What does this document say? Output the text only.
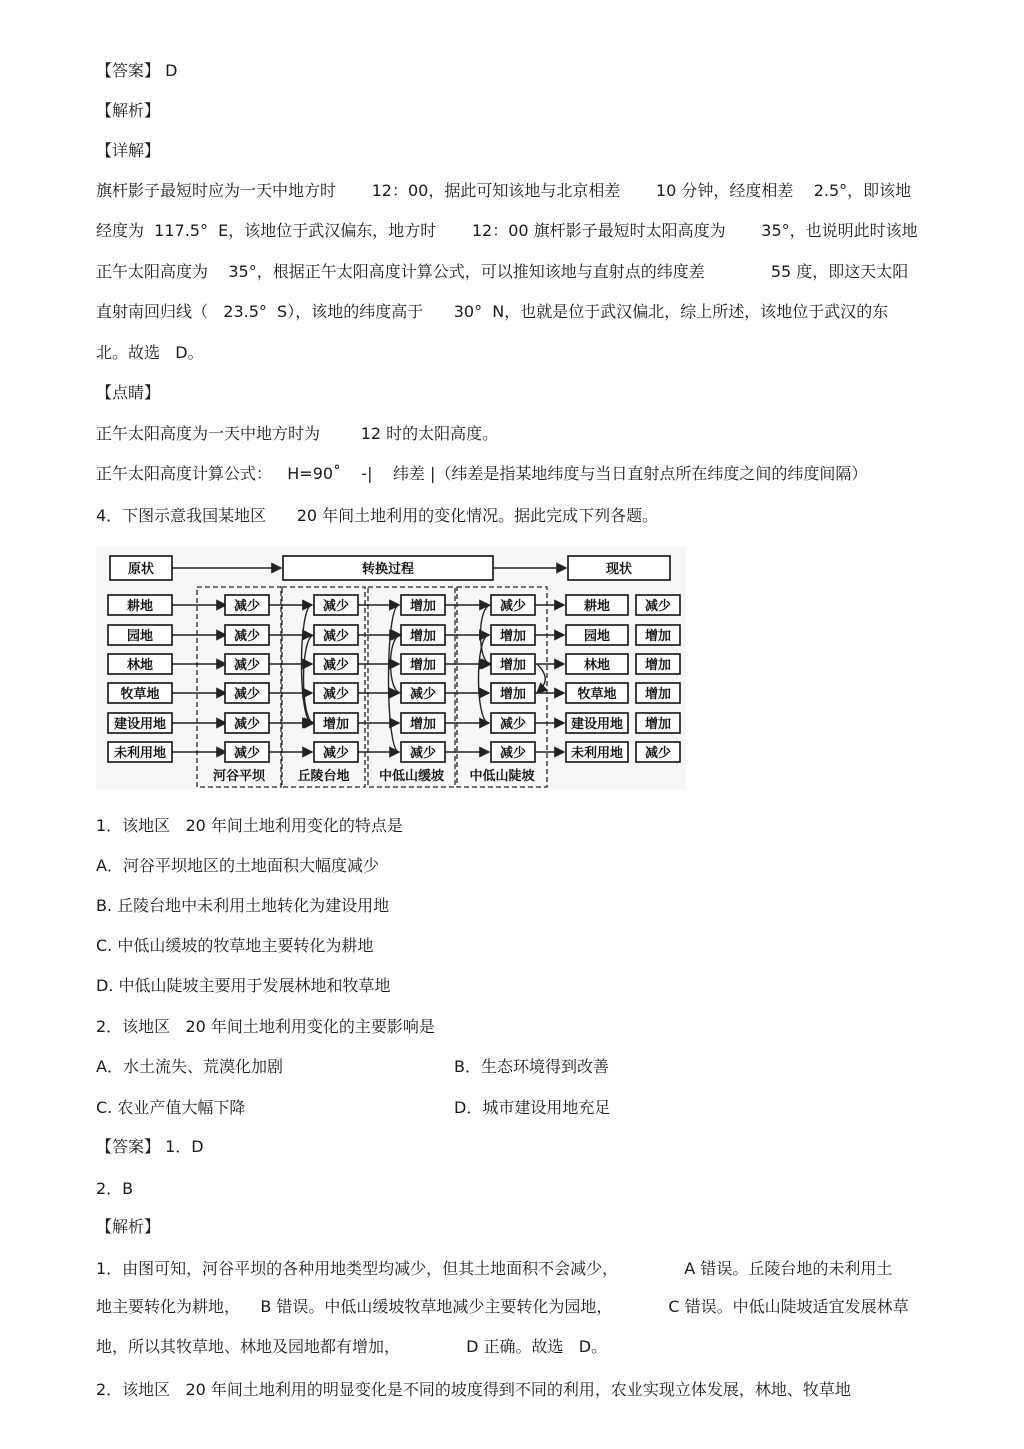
【答案】 D
【解析】
【详解】
旗杆影子最短时应为一天中地方时       12：00，据此可知该地与北京相差       10 分钟，经度相差    2.5°，即该地
经度为  117.5°  E，该地位于武汉偏东，地方时       12：00 旗杆影子最短时太阳高度为       35°，也说明此时该地
正午太阳高度为    35°，根据正午太阳高度计算公式，可以推知该地与直射点的纬度差             55 度，即这天太阳
直射南回归线（   23.5°  S），该地的纬度高于      30°  N，也就是位于武汉偏北，综上所述，该地位于武汉的东
北。故选   D。
【点睛】
正午太阳高度为一天中地方时为        12 时的太阳高度。
正午太阳高度计算公式：   H=90˚    -|    纬差 |（纬差是指某地纬度与当日直射点所在纬度之间的纬度间隔）
4．下图示意我国某地区      20 年间土地利用的变化情况。据此完成下列各题。
河谷平坝 丘陵台地 中低山缓坡 中低山陡坡
原状	转换过程	现状
耕地	减少	减少	增加	减少	耕地	减少
园地	减少	减少	增加	增加	园地	增加
林地	减少	减少	增加	增加	林地	增加
牧草地	减少	减少	减少	增加	牧草地 增加
建设用地	减少	增加	增加	减少	建设用地 增加
未利用地	减少	减少	减少	减少	未利用地 减少
1．该地区   20 年间土地利用变化的特点是
A．河谷平坝地区的土地面积大幅度减少
B. 丘陵台地中未利用土地转化为建设用地
C. 中低山缓坡的牧草地主要转化为耕地
D. 中低山陡坡主要用于发展林地和牧草地
2．该地区   20 年间土地利用变化的主要影响是
A．水土流失、荒漠化加剧	B．生态环境得到改善
C. 农业产值大幅下降	D．城市建设用地充足
【答案】 1．D
2．B
【解析】
1．由图可知，河谷平坝的各种用地类型均减少，但其土地面积不会减少，             A 错误。丘陵台地的未利用土
地主要转化为耕地，    B 错误。中低山缓坡牧草地减少主要转化为园地，           C 错误。中低山陡坡适宜发展林草
地，所以其牧草地、林地及园地都有增加，             D 正确。故选   D。
2．该地区   20 年间土地利用的明显变化是不同的坡度得到不同的利用，农业实现立体发展，林地、牧草地
